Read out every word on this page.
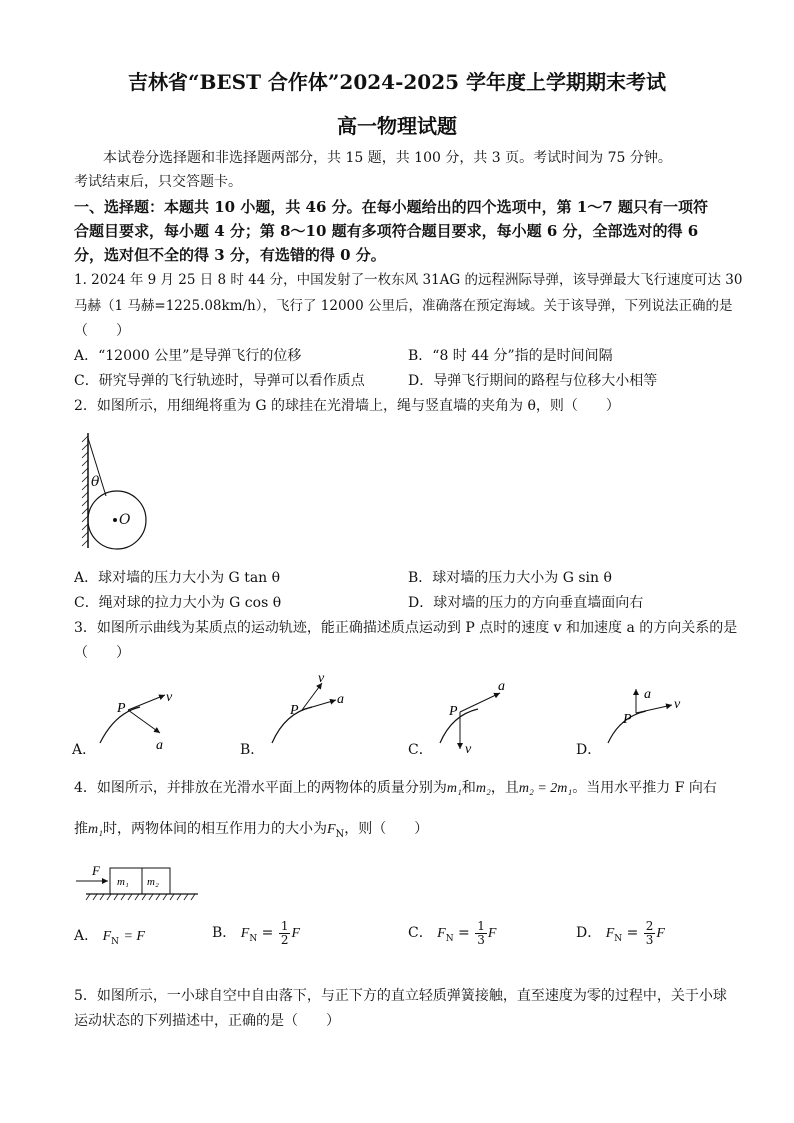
吉林省“BEST 合作体”2024-2025 学年度上学期期末考试
高一物理试题
本试卷分选择题和非选择题两部分，共 15 题，共 100 分，共 3 页。考试时间为 75 分钟。
考试结束后，只交答题卡。
一、选择题：本题共 10 小题，共 46 分。在每小题给出的四个选项中，第 1～7 题只有一项符
合题目要求，每小题 4 分；第 8～10 题有多项符合题目要求，每小题 6 分，全部选对的得 6
分，选对但不全的得 3 分，有选错的得 0 分。
1. 2024 年 9 月 25 日 8 时 44 分，中国发射了一枚东风 31AG 的远程洲际导弹，该导弹最大飞行速度可达 30
马赫（1 马赫=1225.08km/h），飞行了 12000 公里后，准确落在预定海域。关于该导弹，下列说法正确的是
（　　）
A．“12000 公里”是导弹飞行的位移	B．“8 时 44 分”指的是时间间隔
C．研究导弹的飞行轨迹时，导弹可以看作质点	D．导弹飞行期间的路程与位移大小相等
2．如图所示，用细绳将重为 G 的球挂在光滑墙上，绳与竖直墙的夹角为 θ，则（　　）
θ
O
A．球对墙的压力大小为 G tan θ	B．球对墙的压力大小为 G sin θ
C．绳对球的拉力大小为 G cos θ	D．球对墙的压力的方向垂直墙面向右
3．如图所示曲线为某质点的运动轨迹，能正确描述质点运动到 P 点时的速度 v 和加速度 a 的方向关系的是
（　　）
P
v
a
P
v
a
P
a
v
P
a
v
A．	B．	C．	D．
4．如图所示，并排放在光滑水平面上的两物体的质量分别为m₁和m₂，且m₂ = 2m₁。当用水平推力 F 向右
推m₁时，两物体间的相互作用力的大小为$F_N$，则（　　）
F
m₁ m₂
A． $F_N = F$	B． $F_N = \frac{1}{2}$ F	C． $F_N = \frac{1}{3}$ F	D． $F_N = \frac{2}{3}$ F
5．如图所示，一小球自空中自由落下，与正下方的直立轻质弹簧接触，直至速度为零的过程中，关于小球
运动状态的下列描述中，正确的是（　　）
